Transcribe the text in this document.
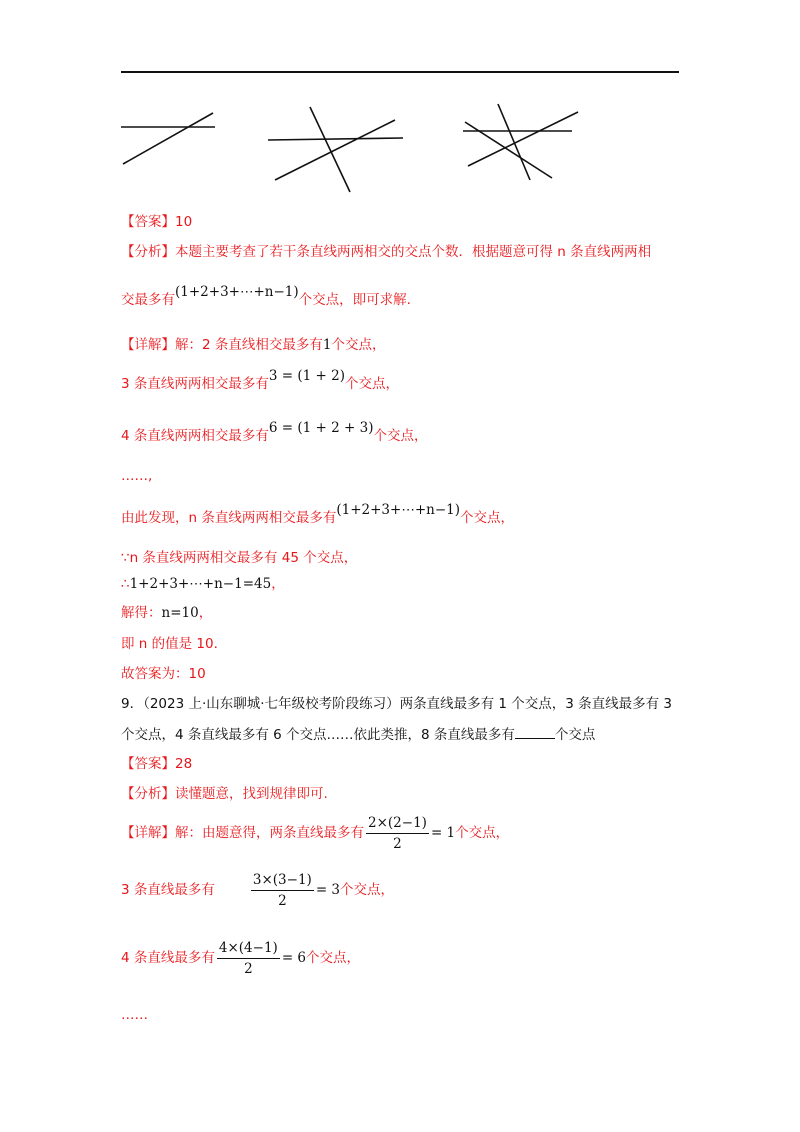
【答案】10
【分析】本题主要考查了若干条直线两两相交的交点个数．根据题意可得 n 条直线两两相
交最多有(1+2+3+⋯+n−1)个交点，即可求解.
【详解】解：2 条直线相交最多有1个交点，
3 条直线两两相交最多有3 = (1 + 2)个交点，
4 条直线两两相交最多有6 = (1 + 2 + 3)个交点，
……,
由此发现，n 条直线两两相交最多有(1+2+3+⋯+n−1)个交点，
∵n 条直线两两相交最多有 45 个交点，
∴1+2+3+⋯+n−1=45，
解得：n=10，
即 n 的值是 10.
故答案为：10
9．（2023 上·山东聊城·七年级校考阶段练习）两条直线最多有 1 个交点，3 条直线最多有 3
个交点，4 条直线最多有 6 个交点……依此类推，8 条直线最多有	个交点
【答案】28
【分析】读懂题意，找到规律即可.
【详解】解：由题意得，两条直线最多有 $\frac{2\times(2-1)}{2} = 1$个交点，
3 条直线最多有	$\frac{3\times(3-1)}{2} = 3$个交点，
4 条直线最多有 $\frac{4\times(4-1)}{2} = 6$个交点，
……
